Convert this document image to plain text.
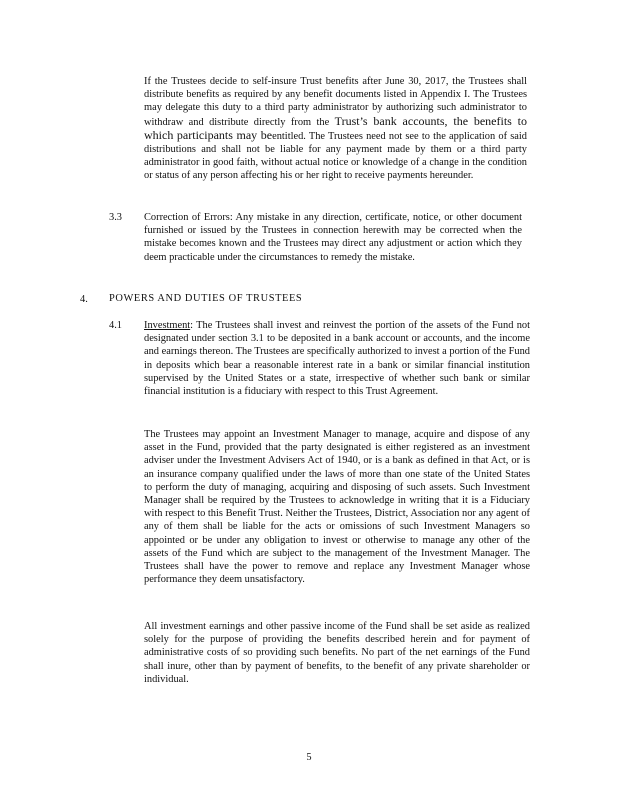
If the Trustees decide to self-insure Trust benefits after June 30, 2017, the Trustees shall distribute benefits as required by any benefit documents listed in Appendix I. The Trustees may delegate this duty to a third party administrator by authorizing such administrator to withdraw and distribute directly from the Trust’s bank accounts, the benefits to which participants may beentitled. The Trustees need not see to the application of said distributions and shall not be liable for any payment made by them or a third party administrator in good faith, without actual notice or knowledge of a change in the condition or status of any person affecting his or her right to receive payments hereunder.

3.3 Correction of Errors: Any mistake in any direction, certificate, notice, or other document furnished or issued by the Trustees in connection herewith may be corrected when the mistake becomes known and the Trustees may direct any adjustment or action which they deem practicable under the circumstances to remedy the mistake.

4. POWERS AND DUTIES OF TRUSTEES
4.1 Investment: The Trustees shall invest and reinvest the portion of the assets of the Fund not designated under section 3.1 to be deposited in a bank account or accounts, and the income and earnings thereon. The Trustees are specifically authorized to invest a portion of the Fund in deposits which bear a reasonable interest rate in a bank or similar financial institution supervised by the United States or a state, irrespective of whether such bank or similar financial institution is a fiduciary with respect to this Trust Agreement.

The Trustees may appoint an Investment Manager to manage, acquire and dispose of any asset in the Fund, provided that the party designated is either registered as an investment adviser under the Investment Advisers Act of 1940, or is a bank as defined in that Act, or is an insurance company qualified under the laws of more than one state of the United States to perform the duty of managing, acquiring and disposing of such assets. Such Investment Manager shall be required by the Trustees to acknowledge in writing that it is a Fiduciary with respect to this Benefit Trust. Neither the Trustees, District, Association nor any agent of any of them shall be liable for the acts or omissions of such Investment Managers so appointed or be under any obligation to invest or otherwise to manage any other of the assets of the Fund which are subject to the management of the Investment Manager. The Trustees shall have the power to remove and replace any Investment Manager whose performance they deem unsatisfactory.

All investment earnings and other passive income of the Fund shall be set aside as realized solely for the purpose of providing the benefits described herein and for payment of administrative costs of so providing such benefits. No part of the net earnings of the Fund shall inure, other than by payment of benefits, to the benefit of any private shareholder or individual.

5
